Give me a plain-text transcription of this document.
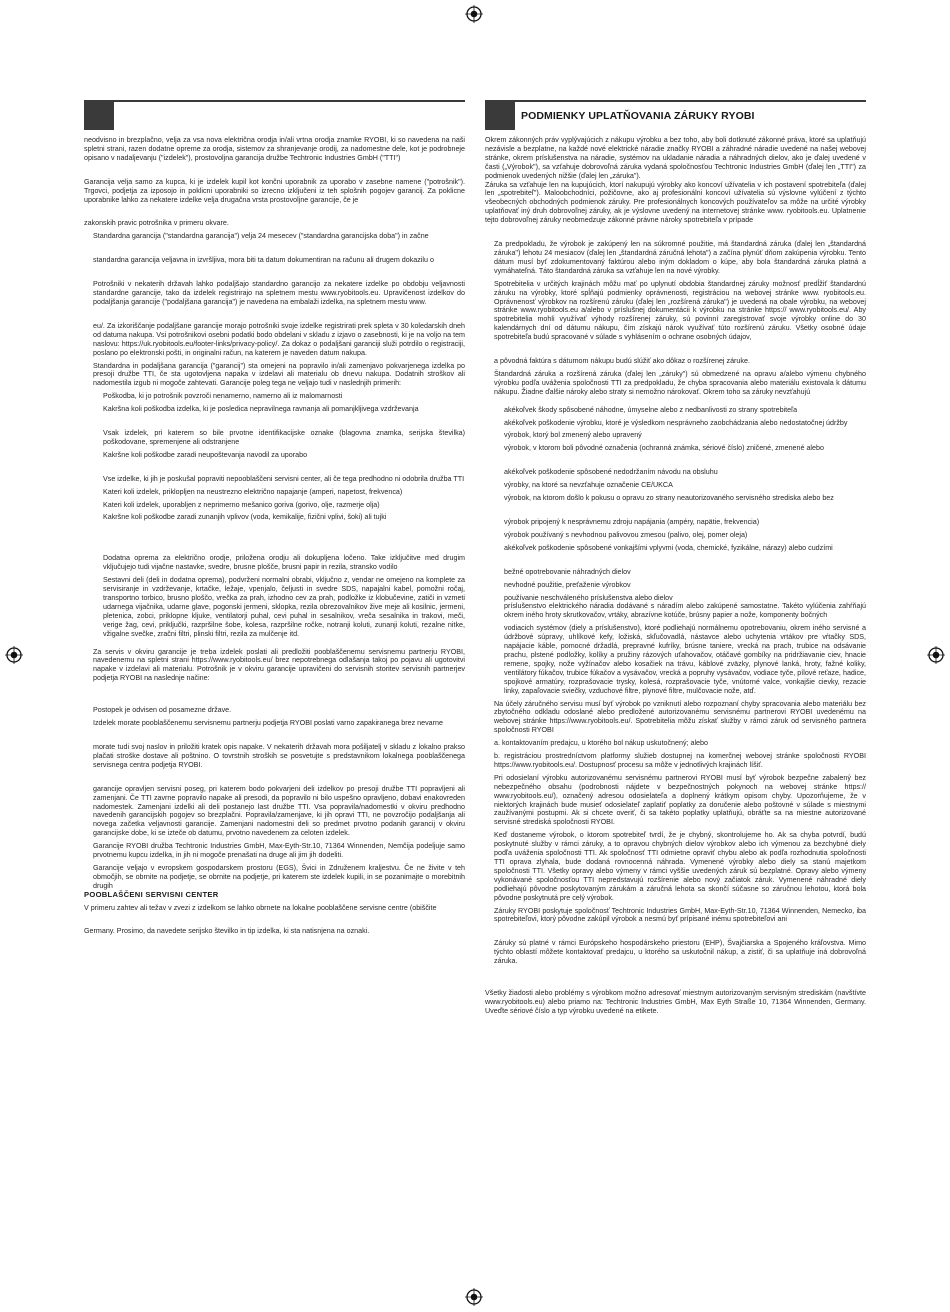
neodvisno in brezplačno, velja za vsa nova električna orodja in/ali vrtna orodja znamke RYOBI, ki so navedena na naši spletni strani, razen dodatne opreme za orodja, sistemov za shranjevanje orodij, za nadomestne dele, kot je podrobneje opisano v nadaljevanju ("izdelek"), prostovoljna garancija družbe Techtronic Industries GmbH ("TTI")

Garancija velja samo za kupca, ki je izdelek kupil kot končni uporabnik za uporabo v zasebne namene ("potrošnik"). Trgovci, podjetja za izposojo in poklicni uporabniki so izrecno izključeni iz teh splošnih pogojev garancij. Za poklicne uporabnike lahko za nekatere izdelke velja drugačna vrsta prostovoljne garancije, če je

zakonskih pravic potrošnika v primeru okvare.

Standardna garancija ("standardna garancija") velja 24 mesecev ("standardna garancijska doba") in začne

standardna garancija veljavna in izvršljiva, mora biti ta datum dokumentiran na računu ali drugem dokazilu o

Potrošniki v nekaterih državah lahko podaljšajo standardno garancijo za nekatere izdelke po obdobju veljavnosti standardne garancije, tako da izdelek registrirajo na spletnem mestu www.ryobitools.eu. Upravičenost izdelkov do podaljšanja garancije ("podaljšana garancija") je navedena na embalaži izdelka, na spletnem mestu www.

eu/. Za izkoriščanje podaljšane garancije morajo potrošniki svoje izdelke registrirati prek spleta v 30 koledarskih dneh od datuma nakupa. Vsi potrošnikovi osebni podatki bodo obdelani v skladu z izjavo o zasebnosti, ki je na voljo na tem naslovu: https://uk.ryobitools.eu/footer-links/privacy-policy/. Za dokaz o podaljšani garanciji služi potrdilo o registraciji, poslano po elektronski pošti, in originalni račun, na katerem je naveden datum nakupa.

Standardna in podaljšana garancija ("garancij") sta omejeni na popravilo in/ali zamenjavo pokvarjenega izdelka po presoji družbe TTI, če sta ugotovljena napaka v izdelavi ali materialu ob dnevu nakupa. Dodatnih stroškov ali nadomestila izgub ni mogoče zahtevati. Garancije poleg tega ne veljajo tudi v naslednjih primerih:

Poškodba, ki jo potrošnik povzroči nenamerno, namerno ali iz malomarnosti

Kakršna koli poškodba izdelka, ki je posledica nepravilnega ravnanja ali pomanjkljivega vzdrževanja

Vsak izdelek, pri katerem so bile prvotne identifikacijske oznake (blagovna znamka, serijska številka) poškodovane, spremenjene ali odstranjene

Kakršne koli poškodbe zaradi neupoštevanja navodil za uporabo

Vse izdelke, ki jih je poskušal popraviti nepooblaščeni servisni center, ali če tega predhodno ni odobrila družba TTI

Kateri koli izdelek, priklopljen na neustrezno električno napajanje (amperi, napetost, frekvenca)

Kateri koli izdelek, uporabljen z neprimerno mešanico goriva (gorivo, olje, razmerje olja)

Kakršne koli poškodbe zaradi zunanjih vplivov (voda, kemikalije, fizični vplivi, šoki) ali tujki

Dodatna oprema za električno orodje, priložena orodju ali dokupljena ločeno. Take izključitve med drugim vključujejo tudi vijačne nastavke, svedre, brusne plošče, brusni papir in rezila, stransko vodilo

Sestavni deli (deli in dodatna oprema), podvrženi normalni obrabi, vključno z, vendar ne omejeno na komplete za servisiranje in vzdrževanje, krtačke, ležaje, vpenjalo, čeljusti in svedre SDS, napajalni kabel, pomožni ročaj, transportno torbico, brusno ploščo, vrečka za prah, izhodno cev za prah, podložke iz klobučevine, zatiči in vzmeti udarnega vijačnika, udarne glave, pogonski jermeni, sklopka, rezila obrezovalnikov žive meje ali kosilnic, jermeni, pletenica, zobci, priklopne kljuke, ventilatorji puhal, cevi puhal in sesalnikov, vreča sesalnika in trakovi, meči, verige žag, cevi, priključki, razpršilne šobe, kolesa, razpršilne ročke, notranji koluti, zunanji koluti, rezalne nitke, vžigalne svečke, zračni filtri, plinski filtri, rezila za mulčenje itd.

Za servis v okviru garancije je treba izdelek poslati ali predložiti pooblaščenemu servisnemu partnerju RYOBI, navedenemu na spletni strani https://www.ryobitools.eu/ brez nepotrebnega odlašanja takoj po pojavu ali ugotovitvi napake v izdelavi ali materialu. Potrošnik je v okviru garancije upravičeni do servisnih storitev servisnih partnerjev podjetja RYOBI na naslednje načine:

Postopek je odvisen od posamezne države.

Izdelek morate pooblaščenemu servisnemu partnerju podjetja RYOBI poslati varno zapakiranega brez nevarne

morate tudi svoj naslov in priložiti kratek opis napake. V nekaterih državah mora pošiljatelj v skladu z lokalno prakso plačati stroške dostave ali poštnino. O tovrstnih stroških se posvetujte s predstavnikom lokalnega pooblaščenega servisnega centra podjetja RYOBI.

garancije opravljen servisni poseg, pri katerem bodo pokvarjeni deli izdelkov po presoji družbe TTI popravljeni ali zamenjani. Če TTI zavrne popravilo napake ali presodi, da popravilo ni bilo uspešno opravljeno, dobavi enakovreden nadomestek. Zamenjani izdelki ali deli postanejo last družbe TTI. Vsa popravila/nadomestki v okviru predhodno navedenih garancijskih pogojev so brezplačni. Popravila/zamenjave, ki jih opravi TTI, ne povzročijo podaljšanja ali novega začetka veljavnosti garancije. Zamenjani nadomestni deli so predmet prvotno podanih garancij v okviru garancijske dobe, ki se izteče ob datumu, prvotno navedenem za celoten izdelek.

Garancije RYOBI družba Techtronic Industries GmbH, Max-Eyth-Str.10, 71364 Winnenden, Nemčija podeljuje samo prvotnemu kupcu izdelka, in jih ni mogoče prenašati na druge ali jim jih dodeliti.

Garancije veljajo v evropskem gospodarskem prostoru (EGS), Švici in Združenem kraljestvu. Če ne živite v teh območjih, se obrnite na podjetje, se obrnite na podjetje, pri katerem ste izdelek kupili, in se pozanimajte o morebitnih drugih

POOBLAŠČENI SERVISNI CENTER

V primeru zahtev ali težav v zvezi z izdelkom se lahko obrnete na lokalne pooblaščene servisne centre (obiščite

Germany. Prosimo, da navedete serijsko številko in tip izdelka, ki sta natisnjena na oznaki.

PODMIENKY UPLATŇOVANIA ZÁRUKY RYOBI

Okrem zákonných práv vyplývajúcich z nákupu výrobku a bez toho, aby boli dotknuté zákonné práva, ktoré sa uplatňujú nezávisle a bezplatne, na každé nové elektrické náradie značky RYOBI a záhradné náradie uvedené na našej webovej stránke, okrem príslušenstva na náradie, systémov na ukladanie náradia a náhradných dielov, ako je ďalej uvedené v časti („Výrobok"), sa vzťahuje dobrovoľná záruka vydaná spoločnosťou Techtronic Industries GmbH (ďalej len „TTI") za podmienok uvedených nižšie (ďalej len „záruka").

Záruka sa vzťahuje len na kupujúcich, ktorí nakupujú výrobky ako koncoví užívatelia v ich postavení spotrebiteľa (ďalej len „spotrebiteľ"). Maloobchodníci, požičovne, ako aj profesionálni koncoví užívatelia sú výslovne vylúčení z týchto všeobecných obchodných podmienok záruky. Pre profesionálnych koncových používateľov sa môže na určité výrobky uplatňovať iný druh dobrovoľnej záruky, ak je výslovne uvedený na internetovej stránke www. ryobitools.eu. Uplatnenie tejto dobrovoľnej záruky neobmedzuje zákonné právne nároky spotrebiteľa v prípade

Za predpokladu, že výrobok je zakúpený len na súkromné použitie, má štandardná záruka (ďalej len „štandardná záruka") lehotu 24 mesiacov (ďalej len „štandardná záručná lehota") a začína plynúť dňom zakúpenia výrobku. Tento dátum musí byť zdokumentovaný faktúrou alebo iným dokladom o kúpe, aby bola štandardná záruka platná a vymáhateľná. Táto štandardná záruka sa vzťahuje len na nové výrobky.

Spotrebitelia v určitých krajinách môžu mať po uplynutí obdobia štandardnej záruky možnosť predĺžiť štandardnú záruku na výrobky, ktoré spĺňajú podmienky oprávnenosti, registráciou na webovej stránke www. ryobitools.eu. Oprávnenosť výrobkov na rozšírenú záruku (ďalej len „rozšírená záruka") je uvedená na obale výrobku, na webovej stránke www.ryobitools.eu a/alebo v príslušnej dokumentácii k výrobku na stránke https:// www.ryobitools.eu/. Aby spotrebitelia mohli využívať výhody rozšírenej záruky, sú povinní zaregistrovať svoje výrobky online do 30 kalendárnych dní od dátumu nákupu, čím získajú nárok využívať túto rozšírenú záruku. Všetky osobné údaje spotrebiteľa budú spracované v súlade s vyhlásením o ochrane osobných údajov,

a pôvodná faktúra s dátumom nákupu budú slúžiť ako dôkaz o rozšírenej záruke.

Štandardná záruka a rozšírená záruka (ďalej len „záruky") sú obmedzené na opravu a/alebo výmenu chybného výrobku podľa uváženia spoločnosti TTI za predpokladu, že chyba spracovania alebo materiálu existovala k dátumu nákupu. Žiadne ďalšie nároky alebo straty si nemožno nárokovať. Okrem toho sa záruky nevzťahujú

akékoľvek škody spôsobené náhodne, úmyselne alebo z nedbanlivosti zo strany spotrebiteľa

akékoľvek poškodenie výrobku, ktoré je výsledkom nesprávneho zaobchádzania alebo nedostatočnej údržby

výrobok, ktorý bol zmenený alebo upravený

výrobok, v ktorom boli pôvodné označenia (ochranná známka, sériové číslo) zničené, zmenené alebo

akékoľvek poškodenie spôsobené nedodržaním návodu na obsluhu

výrobky, na ktoré sa nevzťahuje označenie CE/UKCA

výrobok, na ktorom došlo k pokusu o opravu zo strany neautorizovaného servisného strediska alebo bez

výrobok pripojený k nesprávnemu zdroju napájania (ampéry, napätie, frekvencia)

výrobok používaný s nevhodnou palivovou zmesou (palivo, olej, pomer oleja)

akékoľvek poškodenie spôsobené vonkajšími vplyvmi (voda, chemické, fyzikálne, nárazy) alebo cudzími

bežné opotrebovanie náhradných dielov

nevhodné použitie, preťaženie výrobkov

používanie neschváleného príslušenstva alebo dielov

príslušenstvo elektrického náradia dodávané s náradím alebo zakúpené samostatne. Takéto vylúčenia zahŕňajú okrem iného hroty skrutkovačov, vrtáky, abrazívne kotúče, brúsny papier a nože, komponenty bočných

vodiacich systémov (diely a príslušenstvo), ktoré podliehajú normálnemu opotrebovaniu, okrem iného servisné a údržbové súpravy, uhlíkové kefy, ložiská, skľučovadlá, nástavce alebo uchytenia vrtákov pre vŕtačky SDS, napájacie káble, pomocné držadlá, prepravné kufríky, brúsne taniere, vrecká na prach, trubice na odsávanie prachu, plstené podložky, kolíky a pružiny rázových uťahovačov, otáčavé gombíky na pridržiavanie ciev, hnacie remene, spojky, nože vyžínačov alebo kosačiek na trávu, káblové zväzky, plynové lanká, hroty, fažné koliky, ventilátory fúkačov, trubice fúkačov a vysávačov, vrecká a popruhy vysávačov, vodiace tyče, pílové reťaze, hadice, spojkové armatúry, rozprašovacie trysky, kolesá, rozprašovacie tyče, vnútorné valce, vonkajšie cievky, rezacie linky, zapaľovacie sviečky, vzduchové filtre, plynové filtre, mulčovacie nože, atď.

Na účely záručného servisu musí byť výrobok po vzniknutí alebo rozpoznaní chyby spracovania alebo materiálu bez zbytočného odkladu odoslané alebo predložené autorizovanému servisnému partnerovi RYOBI uvedenému na webovej stránke https://www.ryobitools.eu/. Spotrebitelia môžu získať služby v rámci záruk od servisného partnera spoločnosti RYOBI

a. kontaktovaním predajcu, u ktorého bol nákup uskutočnený; alebo

b. registráciou prostredníctvom platformy služieb dostupnej na komerčnej webovej stránke spoločnosti RYOBI https://www.ryobitools.eu/. Dostupnosť procesu sa môže v jednotlivých krajinách líšiť.

Pri odosielaní výrobku autorizovanému servisnému partnerovi RYOBI musí byť výrobok bezpečne zabalený bez nebezpečného obsahu (podrobnosti nájdete v bezpečnostných pokynoch na webovej stránke https:// www.ryobitools.eu/), označený adresou odosielateľa a doplnený krátkym opisom chyby. Upozorňujeme, že v niektorých krajinách bude musieť odosielateľ zaplatiť poplatky za doručenie alebo poštovné v súlade s miestnymi zaužívanými postupmi. Ak si chcete overiť, či sa takéto poplatky uplatňujú, obráťte sa na miestne autorizované servisné strediská spoločnosti RYOBI.

Keď dostaneme výrobok, o ktorom spotrebiteľ tvrdí, že je chybný, skontrolujeme ho. Ak sa chyba potvrdí, budú poskytnuté služby v rámci záruky, a to opravou chybných dielov výrobkov alebo ich výmenou za bezchybné diely podľa uváženia spoločnosti TTI. Ak spoločnosť TTI odmietne opraviť chybu alebo ak podľa rozhodnutia spoločnosti TTI oprava zlyhala, bude dodaná rovnocenná náhrada. Vymenené výrobky alebo diely sa stanú majetkom spoločnosti TTI. Všetky opravy alebo výmeny v rámci vyššie uvedených záruk sú bezplatné. Opravy alebo výmeny vykonávané spoločnosťou TTI nepredstavujú rozšírenie alebo nový začiatok záruk. Vymenené náhradné diely podliehajú pôvodne poskytovaným zárukám a záručná lehota sa skončí súčasne so záručnou lehotou, ktorá bola pôvodne poskytnutá pre celý výrobok.

Záruky RYOBI poskytuje spoločnosť Techtronic Industries GmbH, Max-Eyth-Str.10, 71364 Winnenden, Nemecko, iba spotrebiteľovi, ktorý pôvodne zakúpil výrobok a nesmú byť prípisané inému spotrebiteľovi ani

Záruky sú platné v rámci Európskeho hospodárskeho priestoru (EHP), Švajčiarska a Spojeného kráľovstva. Mimo týchto oblastí môžete kontaktovať predajcu, u ktorého sa uskutočnil nákup, a zistiť, či sa uplatňuje iná dobrovoľná záruka.

Všetky žiadosti alebo problémy s výrobkom možno adresovať miestnym autorizovaným servisným strediskám (navštívte www.ryobitools.eu) alebo priamo na: Techtronic Industries GmbH, Max Eyth Straße 10, 71364 Winnenden, Germany. Uveďte sériové číslo a typ výrobku uvedené na etikete.
